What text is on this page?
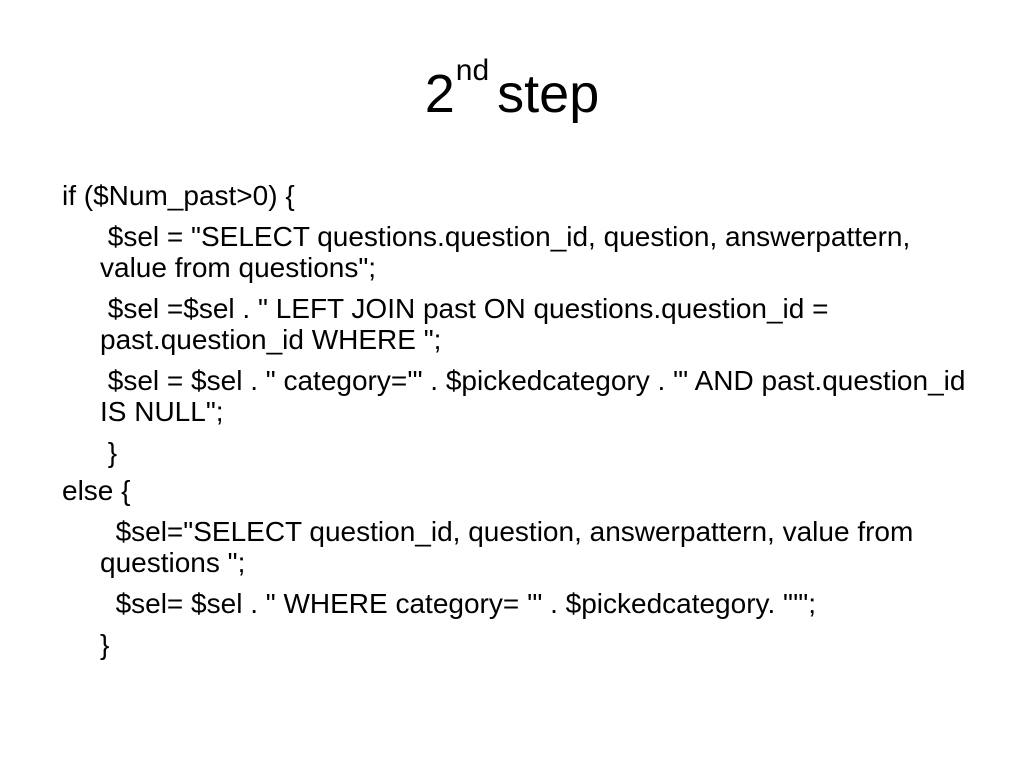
2nd step
if ($Num_past>0) {
$sel = "SELECT questions.question_id, question, answerpattern, value from questions";
$sel =$sel . " LEFT JOIN past ON questions.question_id = past.question_id WHERE ";
$sel = $sel . " category='" . $pickedcategory . "' AND past.question_id IS NULL";
}
else {
$sel="SELECT question_id, question, answerpattern, value from questions ";
$sel= $sel . " WHERE category= '" . $pickedcategory. "'";
}
